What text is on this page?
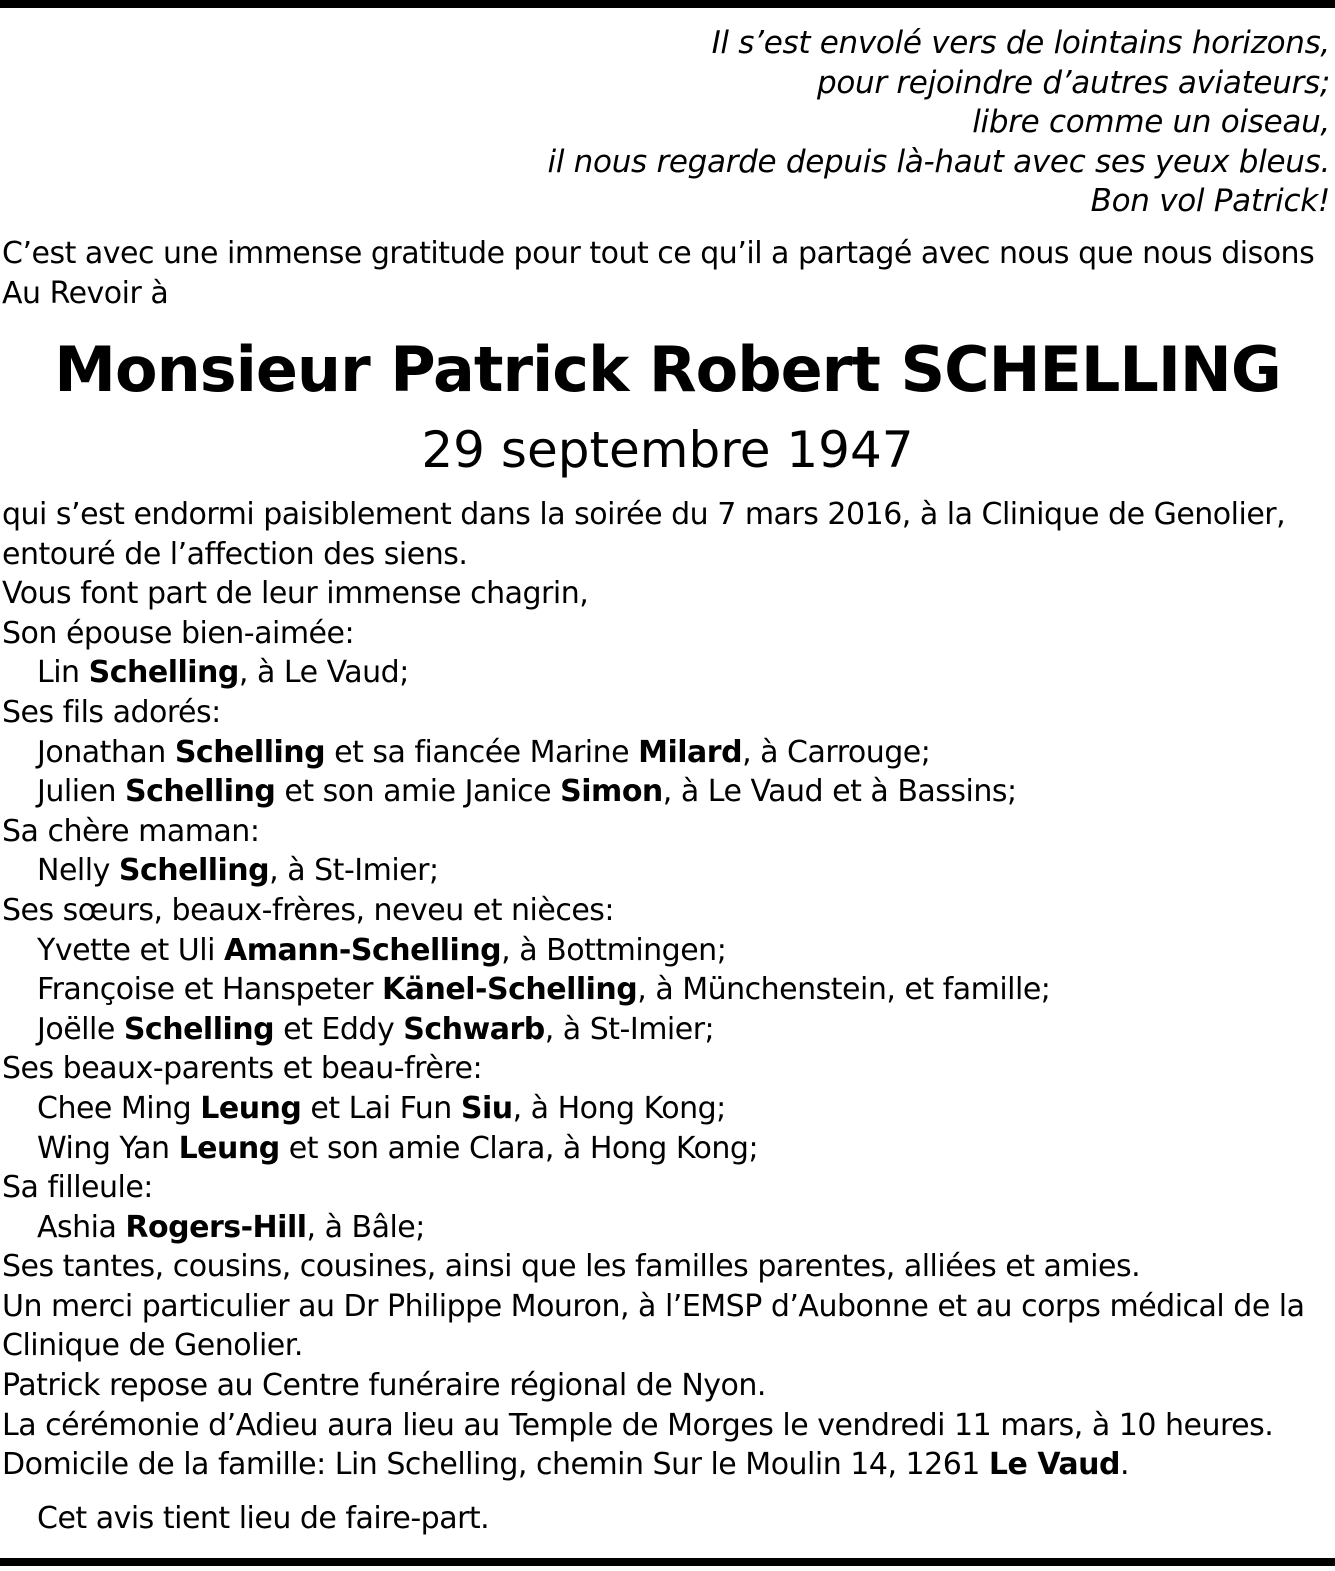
Il s’est envolé vers de lointains horizons,
pour rejoindre d’autres aviateurs;
libre comme un oiseau,
il nous regarde depuis là-haut avec ses yeux bleus.
Bon vol Patrick!
C’est avec une immense gratitude pour tout ce qu’il a partagé avec nous que nous disons Au Revoir à
Monsieur Patrick Robert SCHELLING
29 septembre 1947
qui s’est endormi paisiblement dans la soirée du 7 mars 2016, à la Clinique de Genolier,
entouré de l’affection des siens.
Vous font part de leur immense chagrin,
Son épouse bien-aimée:
Lin Schelling, à Le Vaud;
Ses fils adorés:
Jonathan Schelling et sa fiancée Marine Milard, à Carrouge;
Julien Schelling et son amie Janice Simon, à Le Vaud et à Bassins;
Sa chère maman:
Nelly Schelling, à St-Imier;
Ses sœurs, beaux-frères, neveu et nièces:
Yvette et Uli Amann-Schelling, à Bottmingen;
Françoise et Hanspeter Känel-Schelling, à Münchenstein, et famille;
Joëlle Schelling et Eddy Schwarb, à St-Imier;
Ses beaux-parents et beau-frère:
Chee Ming Leung et Lai Fun Siu, à Hong Kong;
Wing Yan Leung et son amie Clara, à Hong Kong;
Sa filleule:
Ashia Rogers-Hill, à Bâle;
Ses tantes, cousins, cousines, ainsi que les familles parentes, alliées et amies.
Un merci particulier au Dr Philippe Mouron, à l’EMSP d’Aubonne et au corps médical de la Clinique de Genolier.
Patrick repose au Centre funéraire régional de Nyon.
La cérémonie d’Adieu aura lieu au Temple de Morges le vendredi 11 mars, à 10 heures.
Domicile de la famille: Lin Schelling, chemin Sur le Moulin 14, 1261 Le Vaud.
Cet avis tient lieu de faire-part.
